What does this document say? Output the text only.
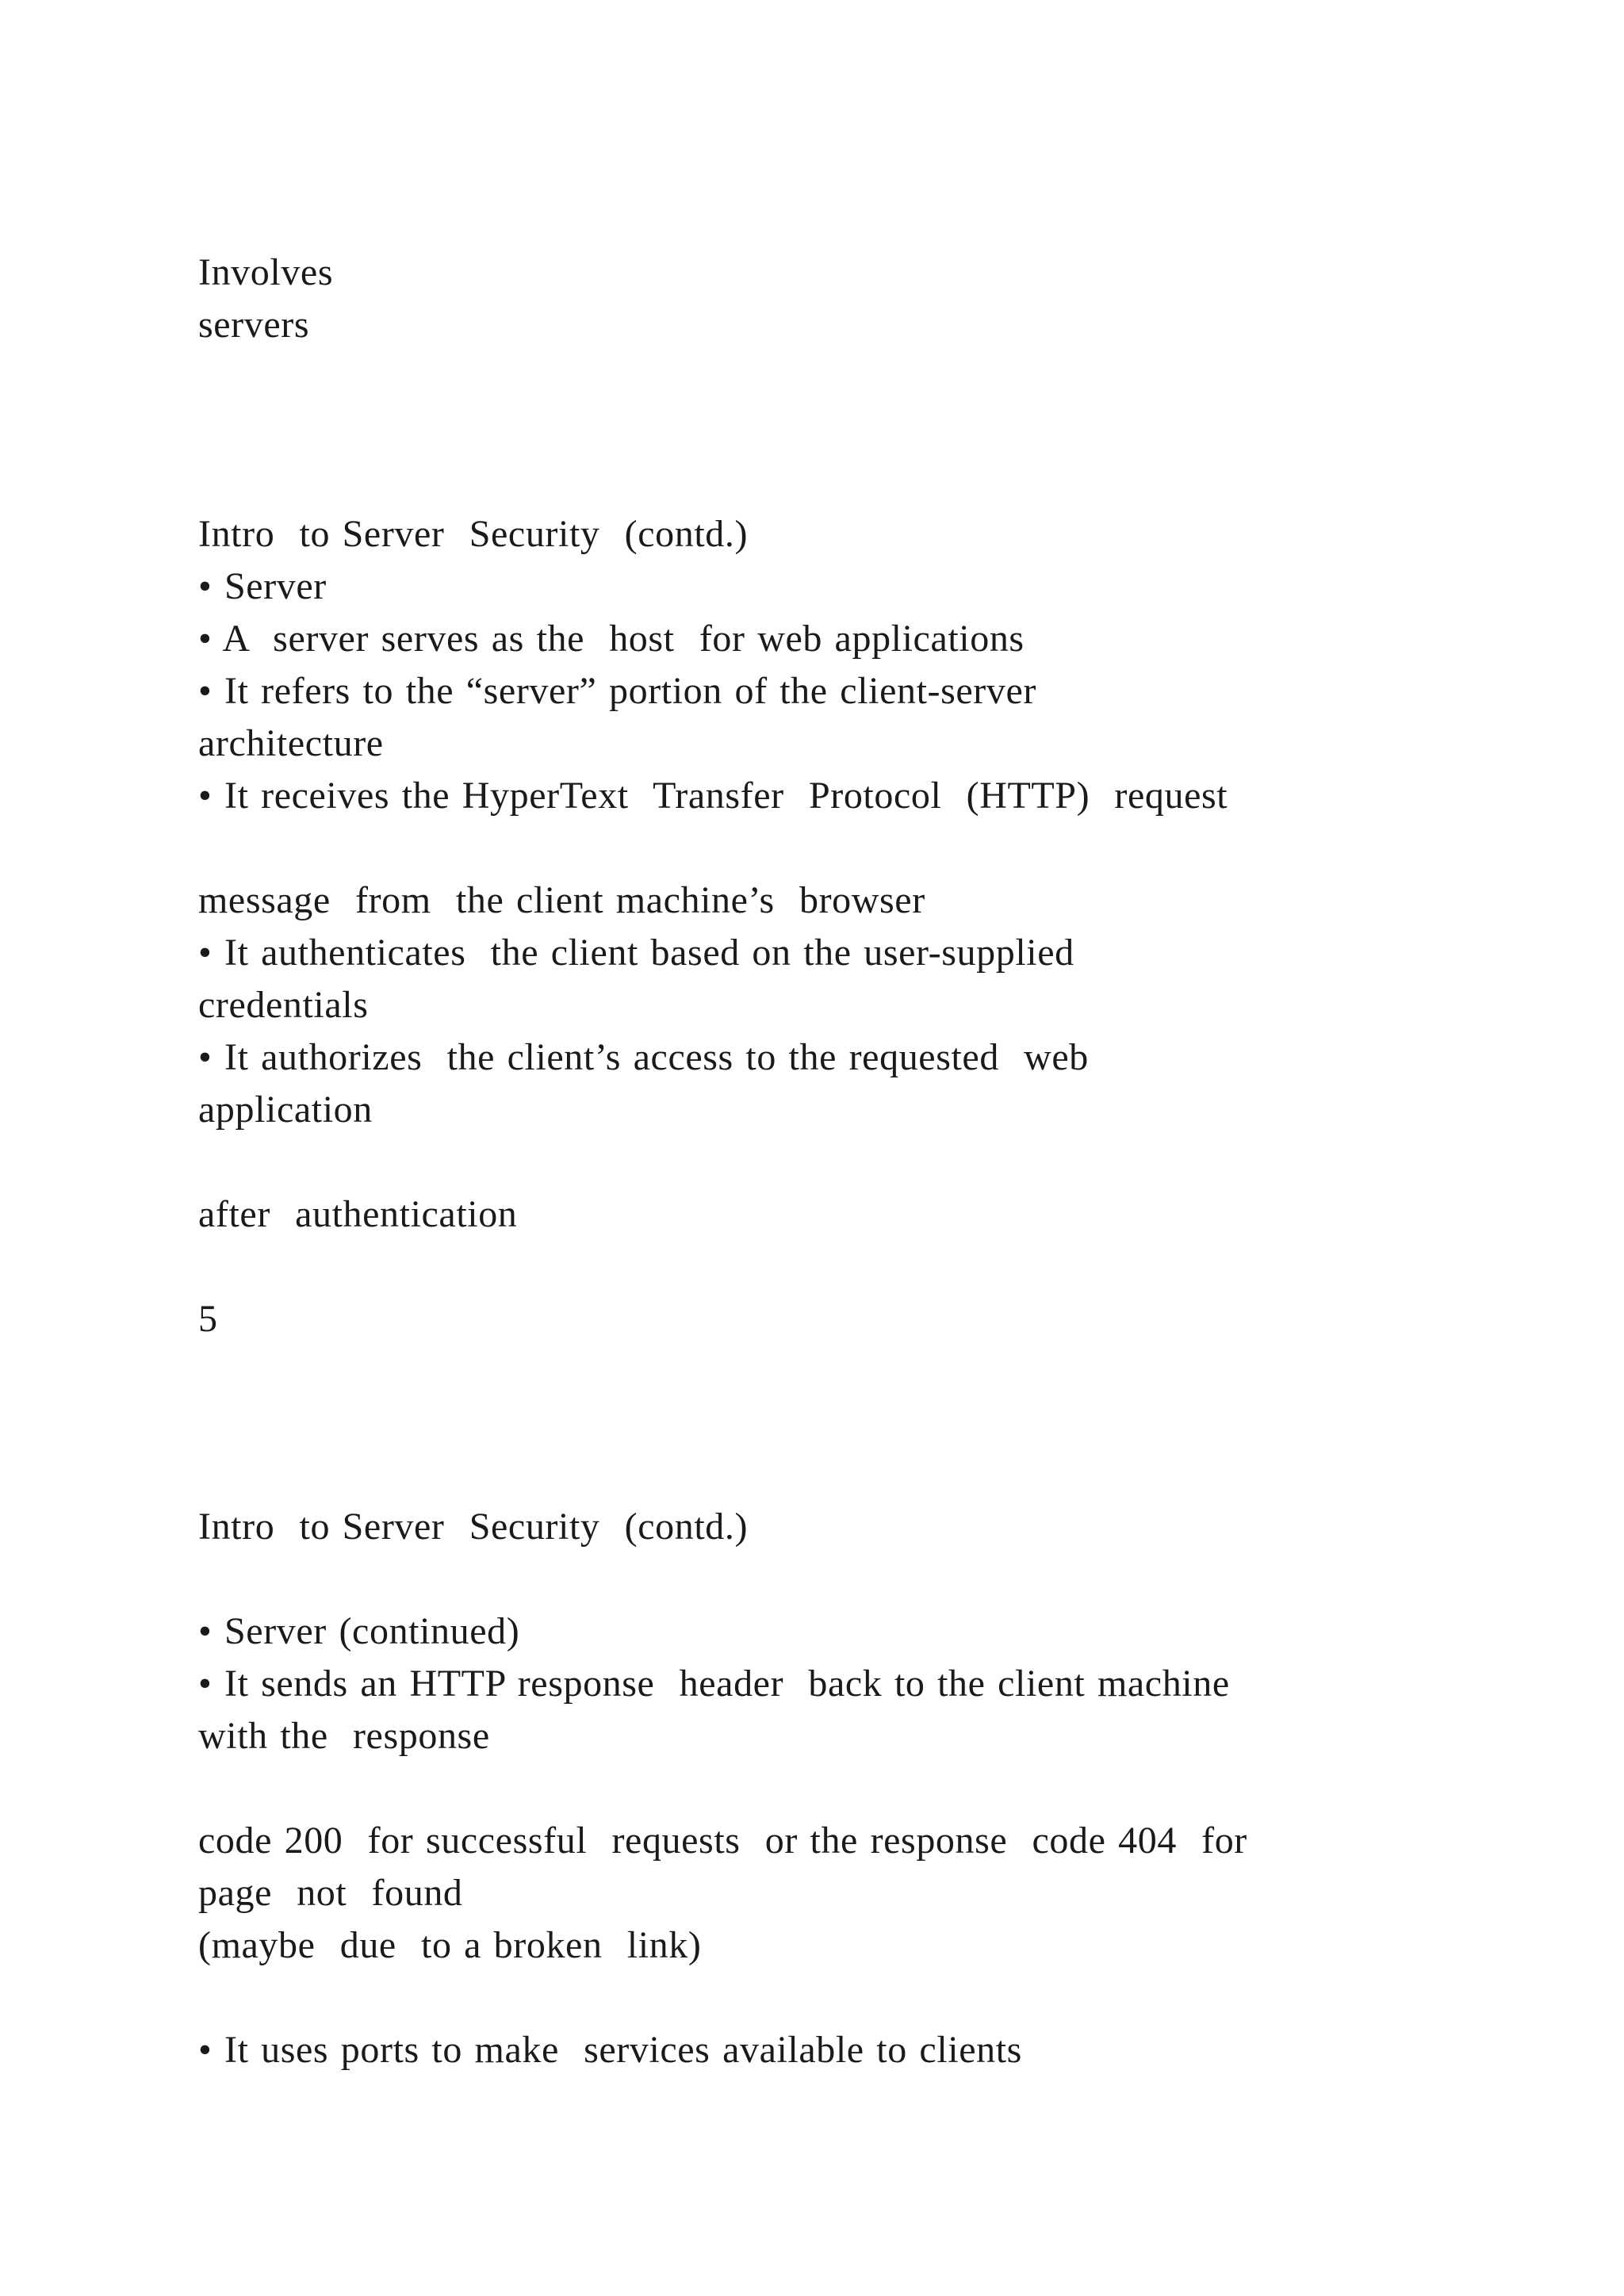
Involves

servers

Intro  to Server  Security  (contd.)

• Server

• A  server serves as the  host  for web applications

• It refers to the “server” portion of the client-server

architecture

• It receives the HyperText  Transfer  Protocol  (HTTP)  request

message  from  the client machine’s  browser

• It authenticates  the client based on the user-supplied

credentials

• It authorizes  the client’s access to the requested  web

application

after  authentication

5

Intro  to Server  Security  (contd.)

• Server (continued)

• It sends an HTTP response  header  back to the client machine

with the  response

code 200  for successful  requests  or the response  code 404  for

page  not  found

(maybe  due  to a broken  link)

• It uses ports to make  services available to clients
